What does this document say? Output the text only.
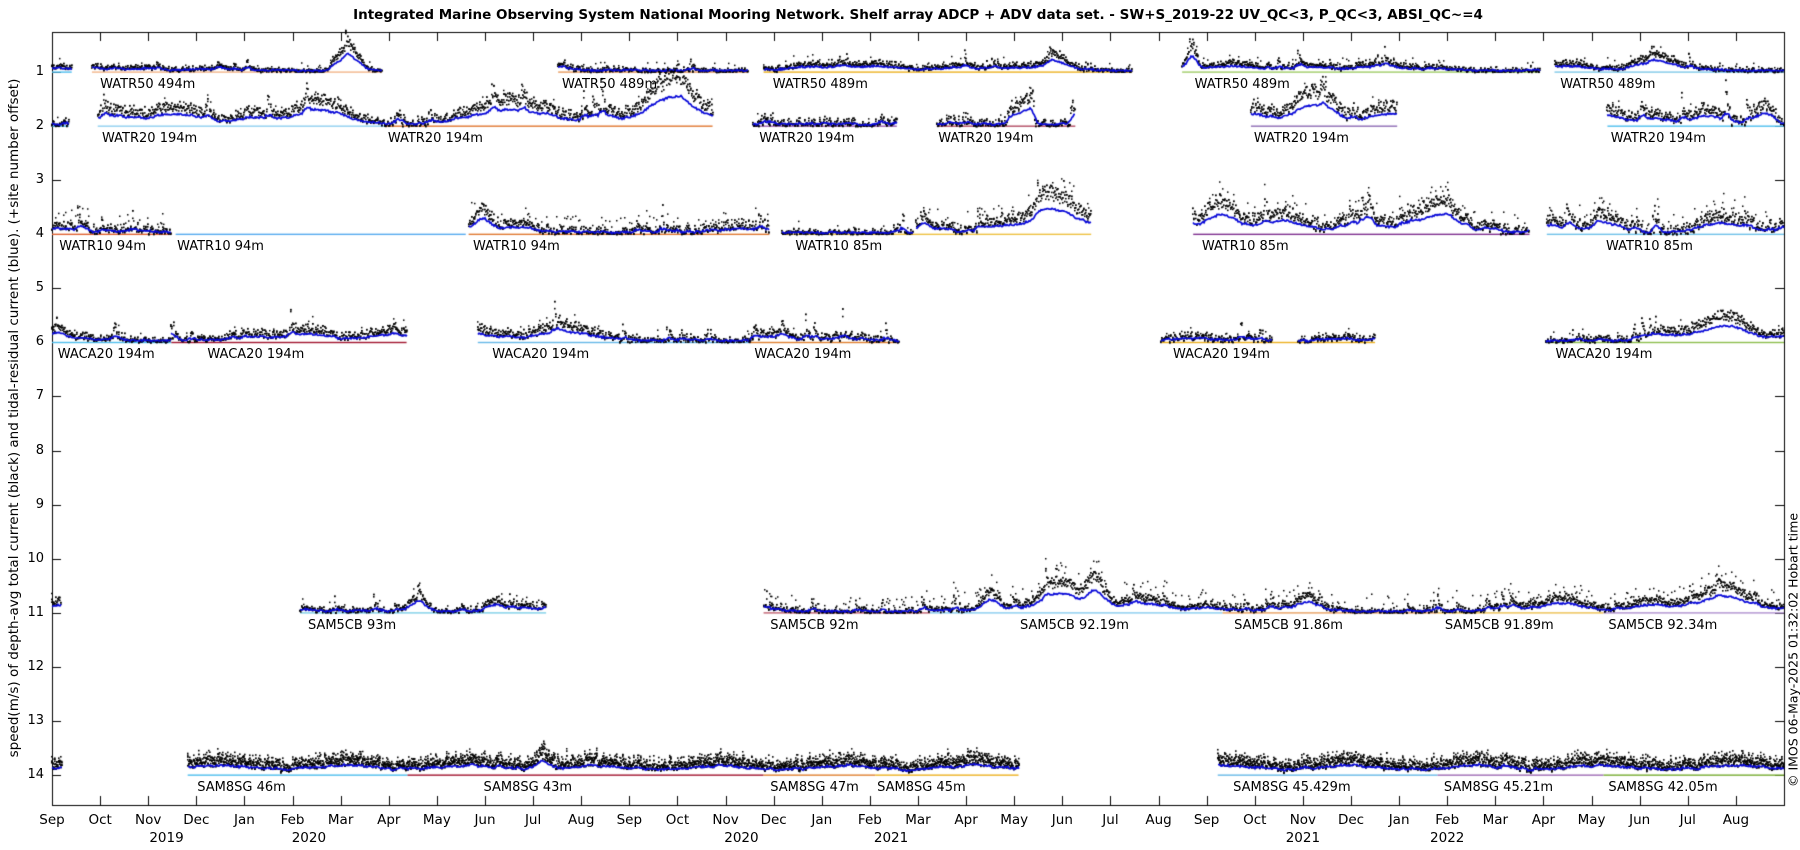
Integrated Marine Observing System National Mooring Network. Shelf array ADCP + ADV data set. - SW+S_2019-22 UV_QC<3, P_QC<3, ABSI_QC~=4
speed(m/s) of depth-avg total current (black) and tidal-residual current (blue). (+site number offset)	© IMOS 06-May-2025 01:32:02 Hobart time
1
2
3
4
5
6
7
8
9
10
11
12
13
14
Sep	Oct	Nov	Dec	Jan	Feb	Mar	Apr	May	Jun	Jul	Aug	Sep	Oct	Nov	Dec	Jan	Feb	Mar	Apr	May	Jun	Jul	Aug	Sep	Oct	Nov	Dec	Jan	Feb	Mar	Apr	May	Jun	Jul	Aug
2019	2020	2020	2021	2021	2022
WATR50 494m	WATR50 489m	WATR50 489m	WATR50 489m	WATR50 489m
WATR20 194m	WATR20 194m	WATR20 194m	WATR20 194m	WATR20 194m	WATR20 194m
WATR10 94m WATR10 94m	WATR10 94m	WATR10 85m	WATR10 85m	WATR10 85m
WACA20 194m	WACA20 194m	WACA20 194m	WACA20 194m	WACA20 194m	WACA20 194m
SAM5CB 93m	SAM5CB 92m	SAM5CB 92.19m	SAM5CB 91.86m	SAM5CB 91.89m	SAM5CB 92.34m
SAM8SG 46m	SAM8SG 43m	SAM8SG 47m SAM8SG 45m	SAM8SG 45.429m	SAM8SG 45.21m	SAM8SG 42.05m
